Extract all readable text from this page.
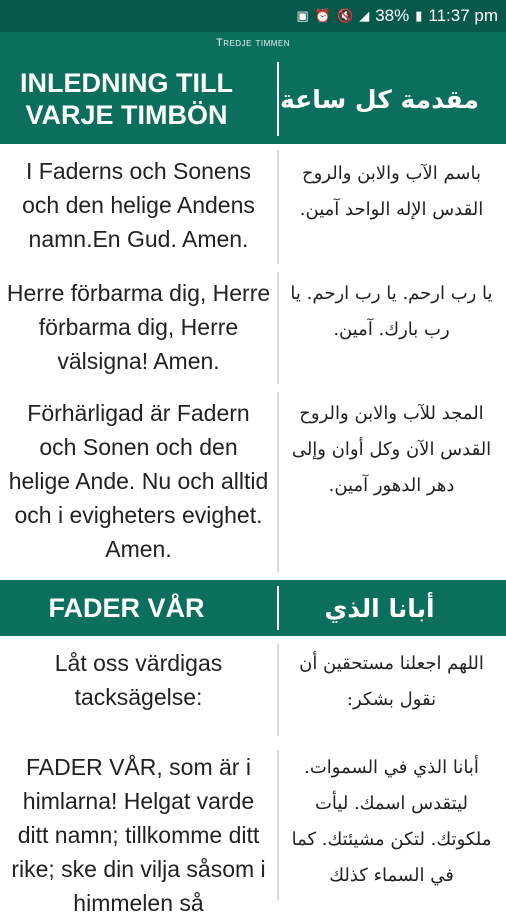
▣ ⏰ 🔇 ◢ 38% ▮ 11:37 pm
Tredje timmen
INLEDNING TILL VARJE TIMBÖN
مقدمة كل ساعة
I Faderns och Sonens och den helige Andens namn.En Gud. Amen.
باسم الآب والابن والروح القدس الإله الواحد آمين.
Herre förbarma dig, Herre förbarma dig, Herre välsigna! Amen.
يا رب ارحم. يا رب ارحم. يا رب بارك. آمين.
Förhärligad är Fadern och Sonen och den helige Ande. Nu och alltid och i evigheters evighet. Amen.
المجد للآب والابن والروح القدس الآن وكل أوان وإلى دهر الدهور آمين.
FADER VÅR	أبانا الذي
Låt oss värdigas tacksägelse:
اللهم اجعلنا مستحقين أن نقول بشكر:
FADER VÅR, som är i himlarna! Helgat varde ditt namn; tillkomme ditt rike; ske din vilja såsom i himmelen så
أبانا الذي في السموات. ليتقدس اسمك. ليأت ملكوتك. لتكن مشيئتك. كما في السماء كذلك
